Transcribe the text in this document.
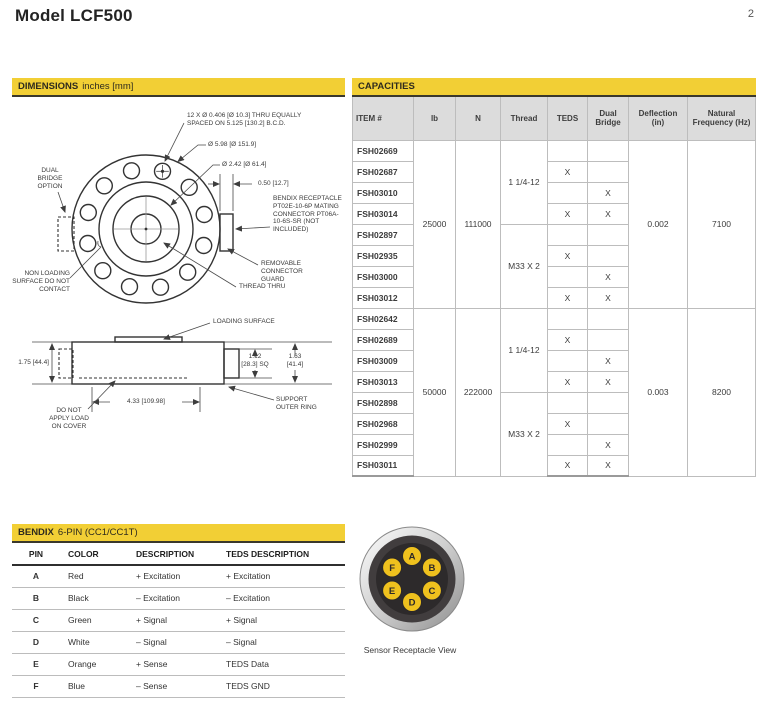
Model LCF500	2
DIMENSIONS inches [mm]
12 X Ø 0.406 [Ø 10.3] THRU EQUALLY SPACED ON 5.125 [130.2] B.C.D.
Ø 5.98 [Ø 151.9]
Ø 2.42 [Ø 61.4]
0.50 [12.7]
DUAL BRIDGE OPTION
BENDIX RECEPTACLE PT02E-10-6P MATING CONNECTOR PT06A-10-6S-SR (NOT INCLUDED)
REMOVABLE CONNECTOR GUARD
THREAD THRU
NON LOADING SURFACE DO NOT CONTACT
LOADING SURFACE
1.75 [44.4]
1.12
[28.3] SQ
1.63
[41.4]
4.33 [109.98]	SUPPORT OUTER RING
DO NOT APPLY LOAD ON COVER
CAPACITIES
ITEM #	lb	N	Thread	TEDS	Dual Bridge	Deflection (in)	Natural Frequency (Hz)
FSH02669	25000	111000	1 1/4-12			0.002	7100
FSH02687				X			
FSH03010					X		
FSH03014				X	X		
FSH02897			M33 X 2				
FSH02935				X			
FSH03000					X		
FSH03012				X	X		
FSH02642	50000	222000	1 1/4-12			0.003	8200
FSH02689				X			
FSH03009					X		
FSH03013				X	X		
FSH02898			M33 X 2				
FSH02968				X			
FSH02999					X		
FSH03011				X	X		
BENDIX 6-PIN (CC1/CC1T)
PIN	COLOR	DESCRIPTION	TEDS DESCRIPTION
A	Red	+ Excitation	+ Excitation
B	Black	– Excitation	– Excitation
C	Green	+ Signal	+ Signal
D	White	– Signal	– Signal
E	Orange	+ Sense	TEDS Data
F	Blue	– Sense	TEDS GND
A
B
C
D
E
F
Sensor Receptacle View
